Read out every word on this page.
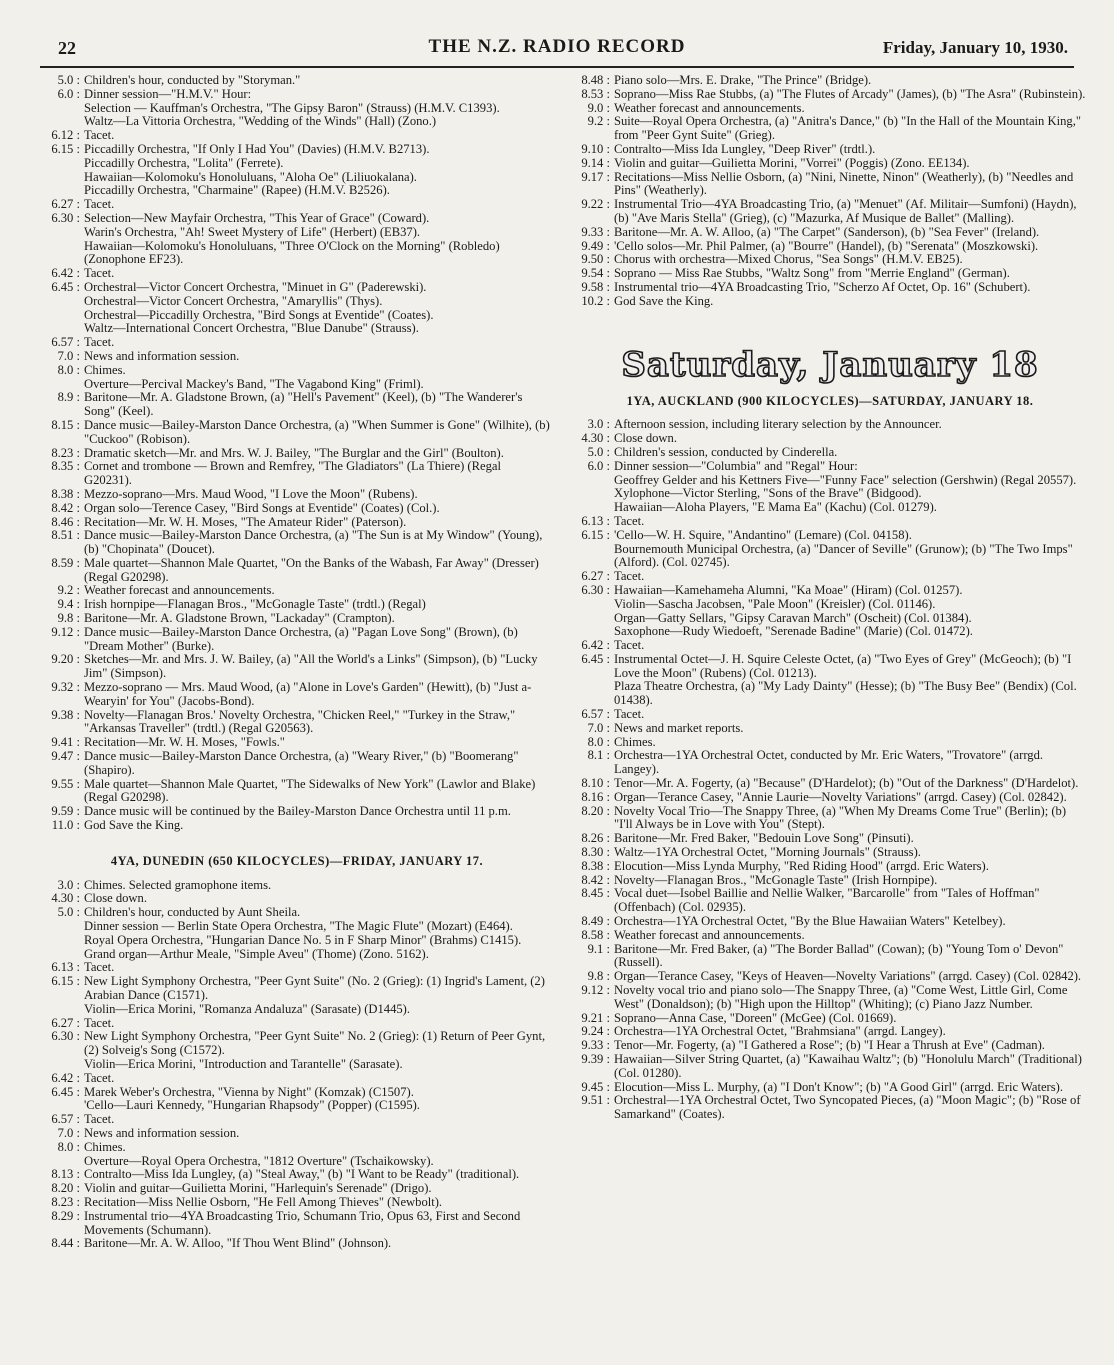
22	THE N.Z. RADIO RECORD	Friday, January 10, 1930.
5.0 : Children's hour, conducted by "Storyman."
6.0 : Dinner session—"H.M.V." Hour:
Selection — Kauffman's Orchestra, "The Gipsy Baron" (Strauss) (H.M.V. C1393).
Waltz—La Vittoria Orchestra, "Wedding of the Winds" (Hall) (Zono.)
6.12 : Tacet.
6.15 : Piccadilly Orchestra, "If Only I Had You" (Davies) (H.M.V. B2713).
Piccadilly Orchestra, "Lolita" (Ferrete).
Hawaiian—Kolomoku's Honoluluans, "Aloha Oe" (Liliuokalana).
Piccadilly Orchestra, "Charmaine" (Rapee) (H.M.V. B2526).
6.27 : Tacet.
6.30 : Selection—New Mayfair Orchestra, "This Year of Grace" (Coward).
Warin's Orchestra, "Ah! Sweet Mystery of Life" (Herbert) (EB37).
Hawaiian—Kolomoku's Honoluluans, "Three O'Clock on the Morning" (Robledo) (Zonophone EF23).
6.42 : Tacet.
6.45 : Orchestral—Victor Concert Orchestra, "Minuet in G" (Paderewski).
Orchestral—Victor Concert Orchestra, "Amaryllis" (Thys).
Orchestral—Piccadilly Orchestra, "Bird Songs at Eventide" (Coates).
Waltz—International Concert Orchestra, "Blue Danube" (Strauss).
6.57 : Tacet.
7.0 : News and information session.
8.0 : Chimes.
Overture—Percival Mackey's Band, "The Vagabond King" (Friml).
8.9 : Baritone—Mr. A. Gladstone Brown, (a) "Hell's Pavement" (Keel), (b) "The Wanderer's Song" (Keel).
8.15 : Dance music—Bailey-Marston Dance Orchestra, (a) "When Summer is Gone" (Wilhite), (b) "Cuckoo" (Robison).
8.23 : Dramatic sketch—Mr. and Mrs. W. J. Bailey, "The Burglar and the Girl" (Boulton).
8.35 : Cornet and trombone — Brown and Remfrey, "The Gladiators" (La Thiere) (Regal G20231).
8.38 : Mezzo-soprano—Mrs. Maud Wood, "I Love the Moon" (Rubens).
8.42 : Organ solo—Terence Casey, "Bird Songs at Eventide" (Coates) (Col.).
8.46 : Recitation—Mr. W. H. Moses, "The Amateur Rider" (Paterson).
8.51 : Dance music—Bailey-Marston Dance Orchestra, (a) "The Sun is at My Window" (Young), (b) "Chopinata" (Doucet).
8.59 : Male quartet—Shannon Male Quartet, "On the Banks of the Wabash, Far Away" (Dresser) (Regal G20298).
9.2 : Weather forecast and announcements.
9.4 : Irish hornpipe—Flanagan Bros., "McGonagle Taste" (trdtl.) (Regal)
9.8 : Baritone—Mr. A. Gladstone Brown, "Lackaday" (Crampton).
9.12 : Dance music—Bailey-Marston Dance Orchestra, (a) "Pagan Love Song" (Brown), (b) "Dream Mother" (Burke).
9.20 : Sketches—Mr. and Mrs. J. W. Bailey, (a) "All the World's a Links" (Simpson), (b) "Lucky Jim" (Simpson).
9.32 : Mezzo-soprano — Mrs. Maud Wood, (a) "Alone in Love's Garden" (Hewitt), (b) "Just a-Wearyin' for You" (Jacobs-Bond).
9.38 : Novelty—Flanagan Bros.' Novelty Orchestra, "Chicken Reel," "Turkey in the Straw," "Arkansas Traveller" (trdtl.) (Regal G20563).
9.41 : Recitation—Mr. W. H. Moses, "Fowls."
9.47 : Dance music—Bailey-Marston Dance Orchestra, (a) "Weary River," (b) "Boomerang" (Shapiro).
9.55 : Male quartet—Shannon Male Quartet, "The Sidewalks of New York" (Lawlor and Blake) (Regal G20298).
9.59 : Dance music will be continued by the Bailey-Marston Dance Orchestra until 11 p.m.
11.0 : God Save the King.
4YA, DUNEDIN (650 KILOCYCLES)—FRIDAY, JANUARY 17.
3.0 : Chimes. Selected gramophone items.
4.30 : Close down.
5.0 : Children's hour, conducted by Aunt Sheila.
Dinner session — Berlin State Opera Orchestra, "The Magic Flute" (Mozart) (E464).
Royal Opera Orchestra, "Hungarian Dance No. 5 in F Sharp Minor" (Brahms) C1415).
Grand organ—Arthur Meale, "Simple Aveu" (Thome) (Zono. 5162).
6.13 : Tacet.
6.15 : New Light Symphony Orchestra, "Peer Gynt Suite" (No. 2 (Grieg): (1) Ingrid's Lament, (2) Arabian Dance (C1571).
Violin—Erica Morini, "Romanza Andaluza" (Sarasate) (D1445).
6.27 : Tacet.
6.30 : New Light Symphony Orchestra, "Peer Gynt Suite" No. 2 (Grieg): (1) Return of Peer Gynt, (2) Solveig's Song (C1572).
Violin—Erica Morini, "Introduction and Tarantelle" (Sarasate).
6.42 : Tacet.
6.45 : Marek Weber's Orchestra, "Vienna by Night" (Komzak) (C1507).
'Cello—Lauri Kennedy, "Hungarian Rhapsody" (Popper) (C1595).
6.57 : Tacet.
7.0 : News and information session.
8.0 : Chimes.
Overture—Royal Opera Orchestra, "1812 Overture" (Tschaikowsky).
8.13 : Contralto—Miss Ida Lungley, (a) "Steal Away," (b) "I Want to be Ready" (traditional).
8.20 : Violin and guitar—Guilietta Morini, "Harlequin's Serenade" (Drigo).
8.23 : Recitation—Miss Nellie Osborn, "He Fell Among Thieves" (Newbolt).
8.29 : Instrumental trio—4YA Broadcasting Trio, Schumann Trio, Opus 63, First and Second Movements (Schumann).
8.44 : Baritone—Mr. A. W. Alloo, "If Thou Went Blind" (Johnson).
8.48 : Piano solo—Mrs. E. Drake, "The Prince" (Bridge).
8.53 : Soprano—Miss Rae Stubbs, (a) "The Flutes of Arcady" (James), (b) "The Asra" (Rubinstein).
9.0 : Weather forecast and announcements.
9.2 : Suite—Royal Opera Orchestra, (a) "Anitra's Dance," (b) "In the Hall of the Mountain King," from "Peer Gynt Suite" (Grieg).
9.10 : Contralto—Miss Ida Lungley, "Deep River" (trdtl.).
9.14 : Violin and guitar—Guilietta Morini, "Vorrei" (Poggis) (Zono. EE134).
9.17 : Recitations—Miss Nellie Osborn, (a) "Nini, Ninette, Ninon" (Weatherly), (b) "Needles and Pins" (Weatherly).
9.22 : Instrumental Trio—4YA Broadcasting Trio, (a) "Menuet" (Af. Militair—Sumfoni) (Haydn), (b) "Ave Maris Stella" (Grieg), (c) "Mazurka, Af Musique de Ballet" (Malling).
9.33 : Baritone—Mr. A. W. Alloo, (a) "The Carpet" (Sanderson), (b) "Sea Fever" (Ireland).
9.49 : 'Cello solos—Mr. Phil Palmer, (a) "Bourre" (Handel), (b) "Serenata" (Moszkowski).
9.50 : Chorus with orchestra—Mixed Chorus, "Sea Songs" (H.M.V. EB25).
9.54 : Soprano — Miss Rae Stubbs, "Waltz Song" from "Merrie England" (German).
9.58 : Instrumental trio—4YA Broadcasting Trio, "Scherzo Af Octet, Op. 16" (Schubert).
10.2 : God Save the King.
Saturday, January 18
1YA, AUCKLAND (900 KILOCYCLES)—SATURDAY, JANUARY 18.
3.0 : Afternoon session, including literary selection by the Announcer.
4.30 : Close down.
5.0 : Children's session, conducted by Cinderella.
6.0 : Dinner session—"Columbia" and "Regal" Hour:
Geoffrey Gelder and his Kettners Five—"Funny Face" selection (Gershwin) (Regal 20557).
Xylophone—Victor Sterling, "Sons of the Brave" (Bidgood).
Hawaiian—Aloha Players, "E Mama Ea" (Kachu) (Col. 01279).
6.13 : Tacet.
6.15 : 'Cello—W. H. Squire, "Andantino" (Lemare) (Col. 04158).
Bournemouth Municipal Orchestra, (a) "Dancer of Seville" (Grunow); (b) "The Two Imps" (Alford). (Col. 02745).
6.27 : Tacet.
6.30 : Hawaiian—Kamehameha Alumni, "Ka Moae" (Hiram) (Col. 01257).
Violin—Sascha Jacobsen, "Pale Moon" (Kreisler) (Col. 01146).
Organ—Gatty Sellars, "Gipsy Caravan March" (Oscheit) (Col. 01384).
Saxophone—Rudy Wiedoeft, "Serenade Badine" (Marie) (Col. 01472).
6.42 : Tacet.
6.45 : Instrumental Octet—J. H. Squire Celeste Octet, (a) "Two Eyes of Grey" (McGeoch); (b) "I Love the Moon" (Rubens) (Col. 01213).
Plaza Theatre Orchestra, (a) "My Lady Dainty" (Hesse); (b) "The Busy Bee" (Bendix) (Col. 01438).
6.57 : Tacet.
7.0 : News and market reports.
8.0 : Chimes.
8.1 : Orchestra—1YA Orchestral Octet, conducted by Mr. Eric Waters, "Trovatore" (arrgd. Langey).
8.10 : Tenor—Mr. A. Fogerty, (a) "Because" (D'Hardelot); (b) "Out of the Darkness" (D'Hardelot).
8.16 : Organ—Terance Casey, "Annie Laurie—Novelty Variations" (arrgd. Casey) (Col. 02842).
8.20 : Novelty Vocal Trio—The Snappy Three, (a) "When My Dreams Come True" (Berlin); (b) "I'll Always be in Love with You" (Stept).
8.26 : Baritone—Mr. Fred Baker, "Bedouin Love Song" (Pinsuti).
8.30 : Waltz—1YA Orchestral Octet, "Morning Journals" (Strauss).
8.38 : Elocution—Miss Lynda Murphy, "Red Riding Hood" (arrgd. Eric Waters).
8.42 : Novelty—Flanagan Bros., "McGonagle Taste" (Irish Hornpipe).
8.45 : Vocal duet—Isobel Baillie and Nellie Walker, "Barcarolle" from "Tales of Hoffman" (Offenbach) (Col. 02935).
8.49 : Orchestra—1YA Orchestral Octet, "By the Blue Hawaiian Waters" Ketelbey).
8.58 : Weather forecast and announcements.
9.1 : Baritone—Mr. Fred Baker, (a) "The Border Ballad" (Cowan); (b) "Young Tom o' Devon" (Russell).
9.8 : Organ—Terance Casey, "Keys of Heaven—Novelty Variations" (arrgd. Casey) (Col. 02842).
9.12 : Novelty vocal trio and piano solo—The Snappy Three, (a) "Come West, Little Girl, Come West" (Donaldson); (b) "High upon the Hilltop" (Whiting); (c) Piano Jazz Number.
9.21 : Soprano—Anna Case, "Doreen" (McGee) (Col. 01669).
9.24 : Orchestra—1YA Orchestral Octet, "Brahmsiana" (arrgd. Langey).
9.33 : Tenor—Mr. Fogerty, (a) "I Gathered a Rose"; (b) "I Hear a Thrush at Eve" (Cadman).
9.39 : Hawaiian—Silver String Quartet, (a) "Kawaihau Waltz"; (b) "Honolulu March" (Traditional) (Col. 01280).
9.45 : Elocution—Miss L. Murphy, (a) "I Don't Know"; (b) "A Good Girl" (arrgd. Eric Waters).
9.51 : Orchestral—1YA Orchestral Octet, Two Syncopated Pieces, (a) "Moon Magic"; (b) "Rose of Samarkand" (Coates).
